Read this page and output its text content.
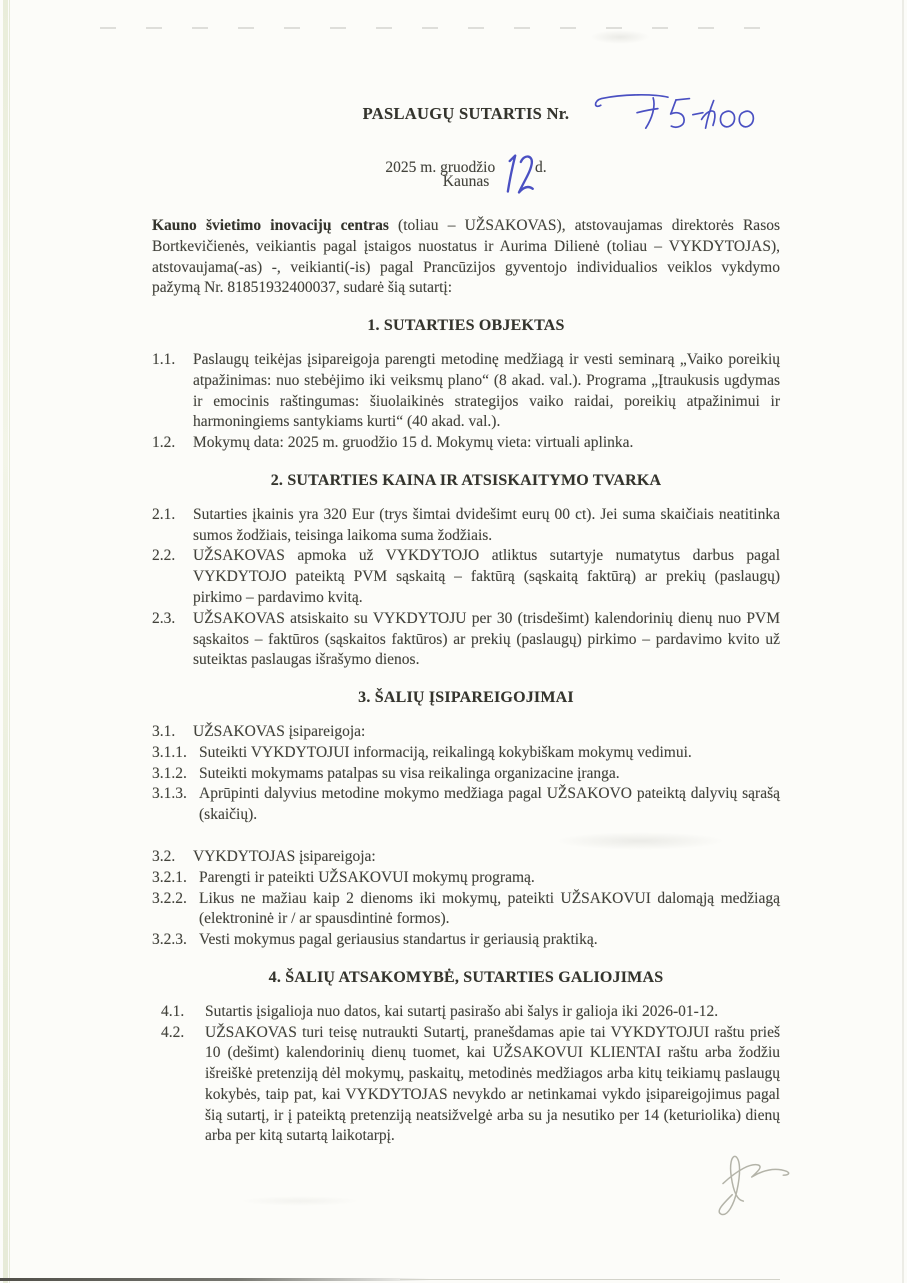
PASLAUGŲ SUTARTIS Nr.
2025 m. gruodžio	d.
Kaunas

Kauno švietimo inovacijų centras (toliau – UŽSAKOVAS), atstovaujamas direktorės Rasos Bortkevičienės, veikiantis pagal įstaigos nuostatus ir Aurima Dilienė (toliau – VYKDYTOJAS), atstovaujama(-as) -, veikianti(-is) pagal Prancūzijos gyventojo individualios veiklos vykdymo pažymą Nr. 81851932400037, sudarė šią sutartį:

1. SUTARTIES OBJEKTAS
1.1. Paslaugų teikėjas įsipareigoja parengti metodinę medžiagą ir vesti seminarą „Vaiko poreikių atpažinimas: nuo stebėjimo iki veiksmų plano“ (8 akad. val.). Programa „Įtraukusis ugdymas ir emocinis raštingumas: šiuolaikinės strategijos vaiko raidai, poreikių atpažinimui ir harmoningiems santykiams kurti“ (40 akad. val.).
1.2. Mokymų data: 2025 m. gruodžio 15 d. Mokymų vieta: virtuali aplinka.
2. SUTARTIES KAINA IR ATSISKAITYMO TVARKA
2.1. Sutarties įkainis yra 320 Eur (trys šimtai dvidešimt eurų 00 ct). Jei suma skaičiais neatitinka sumos žodžiais, teisinga laikoma suma žodžiais.
2.2. UŽSAKOVAS apmoka už VYKDYTOJO atliktus sutartyje numatytus darbus pagal VYKDYTOJO pateiktą PVM sąskaitą – faktūrą (sąskaitą faktūrą) ar prekių (paslaugų) pirkimo – pardavimo kvitą.
2.3. UŽSAKOVAS atsiskaito su VYKDYTOJU per 30 (trisdešimt) kalendorinių dienų nuo PVM sąskaitos – faktūros (sąskaitos faktūros) ar prekių (paslaugų) pirkimo – pardavimo kvito už suteiktas paslaugas išrašymo dienos.
3. ŠALIŲ ĮSIPAREIGOJIMAI
3.1. UŽSAKOVAS įsipareigoja:
3.1.1. Suteikti VYKDYTOJUI informaciją, reikalingą kokybiškam mokymų vedimui.
3.1.2. Suteikti mokymams patalpas su visa reikalinga organizacine įranga.
3.1.3. Aprūpinti dalyvius metodine mokymo medžiaga pagal UŽSAKOVO pateiktą dalyvių sąrašą (skaičių).
3.2. VYKDYTOJAS įsipareigoja:
3.2.1. Parengti ir pateikti UŽSAKOVUI mokymų programą.
3.2.2. Likus ne mažiau kaip 2 dienoms iki mokymų, pateikti UŽSAKOVUI dalomąją medžiagą (elektroninė ir / ar spausdintinė formos).
3.2.3. Vesti mokymus pagal geriausius standartus ir geriausią praktiką.
4. ŠALIŲ ATSAKOMYBĖ, SUTARTIES GALIOJIMAS
4.1. Sutartis įsigalioja nuo datos, kai sutartį pasirašo abi šalys ir galioja iki 2026-01-12.
4.2. UŽSAKOVAS turi teisę nutraukti Sutartį, pranešdamas apie tai VYKDYTOJUI raštu prieš 10 (dešimt) kalendorinių dienų tuomet, kai UŽSAKOVUI KLIENTAI raštu arba žodžiu išreiškė pretenziją dėl mokymų, paskaitų, metodinės medžiagos arba kitų teikiamų paslaugų kokybės, taip pat, kai VYKDYTOJAS nevykdo ar netinkamai vykdo įsipareigojimus pagal šią sutartį, ir į pateiktą pretenziją neatsižvelgė arba su ja nesutiko per 14 (keturiolika) dienų arba per kitą sutartą laikotarpį.
